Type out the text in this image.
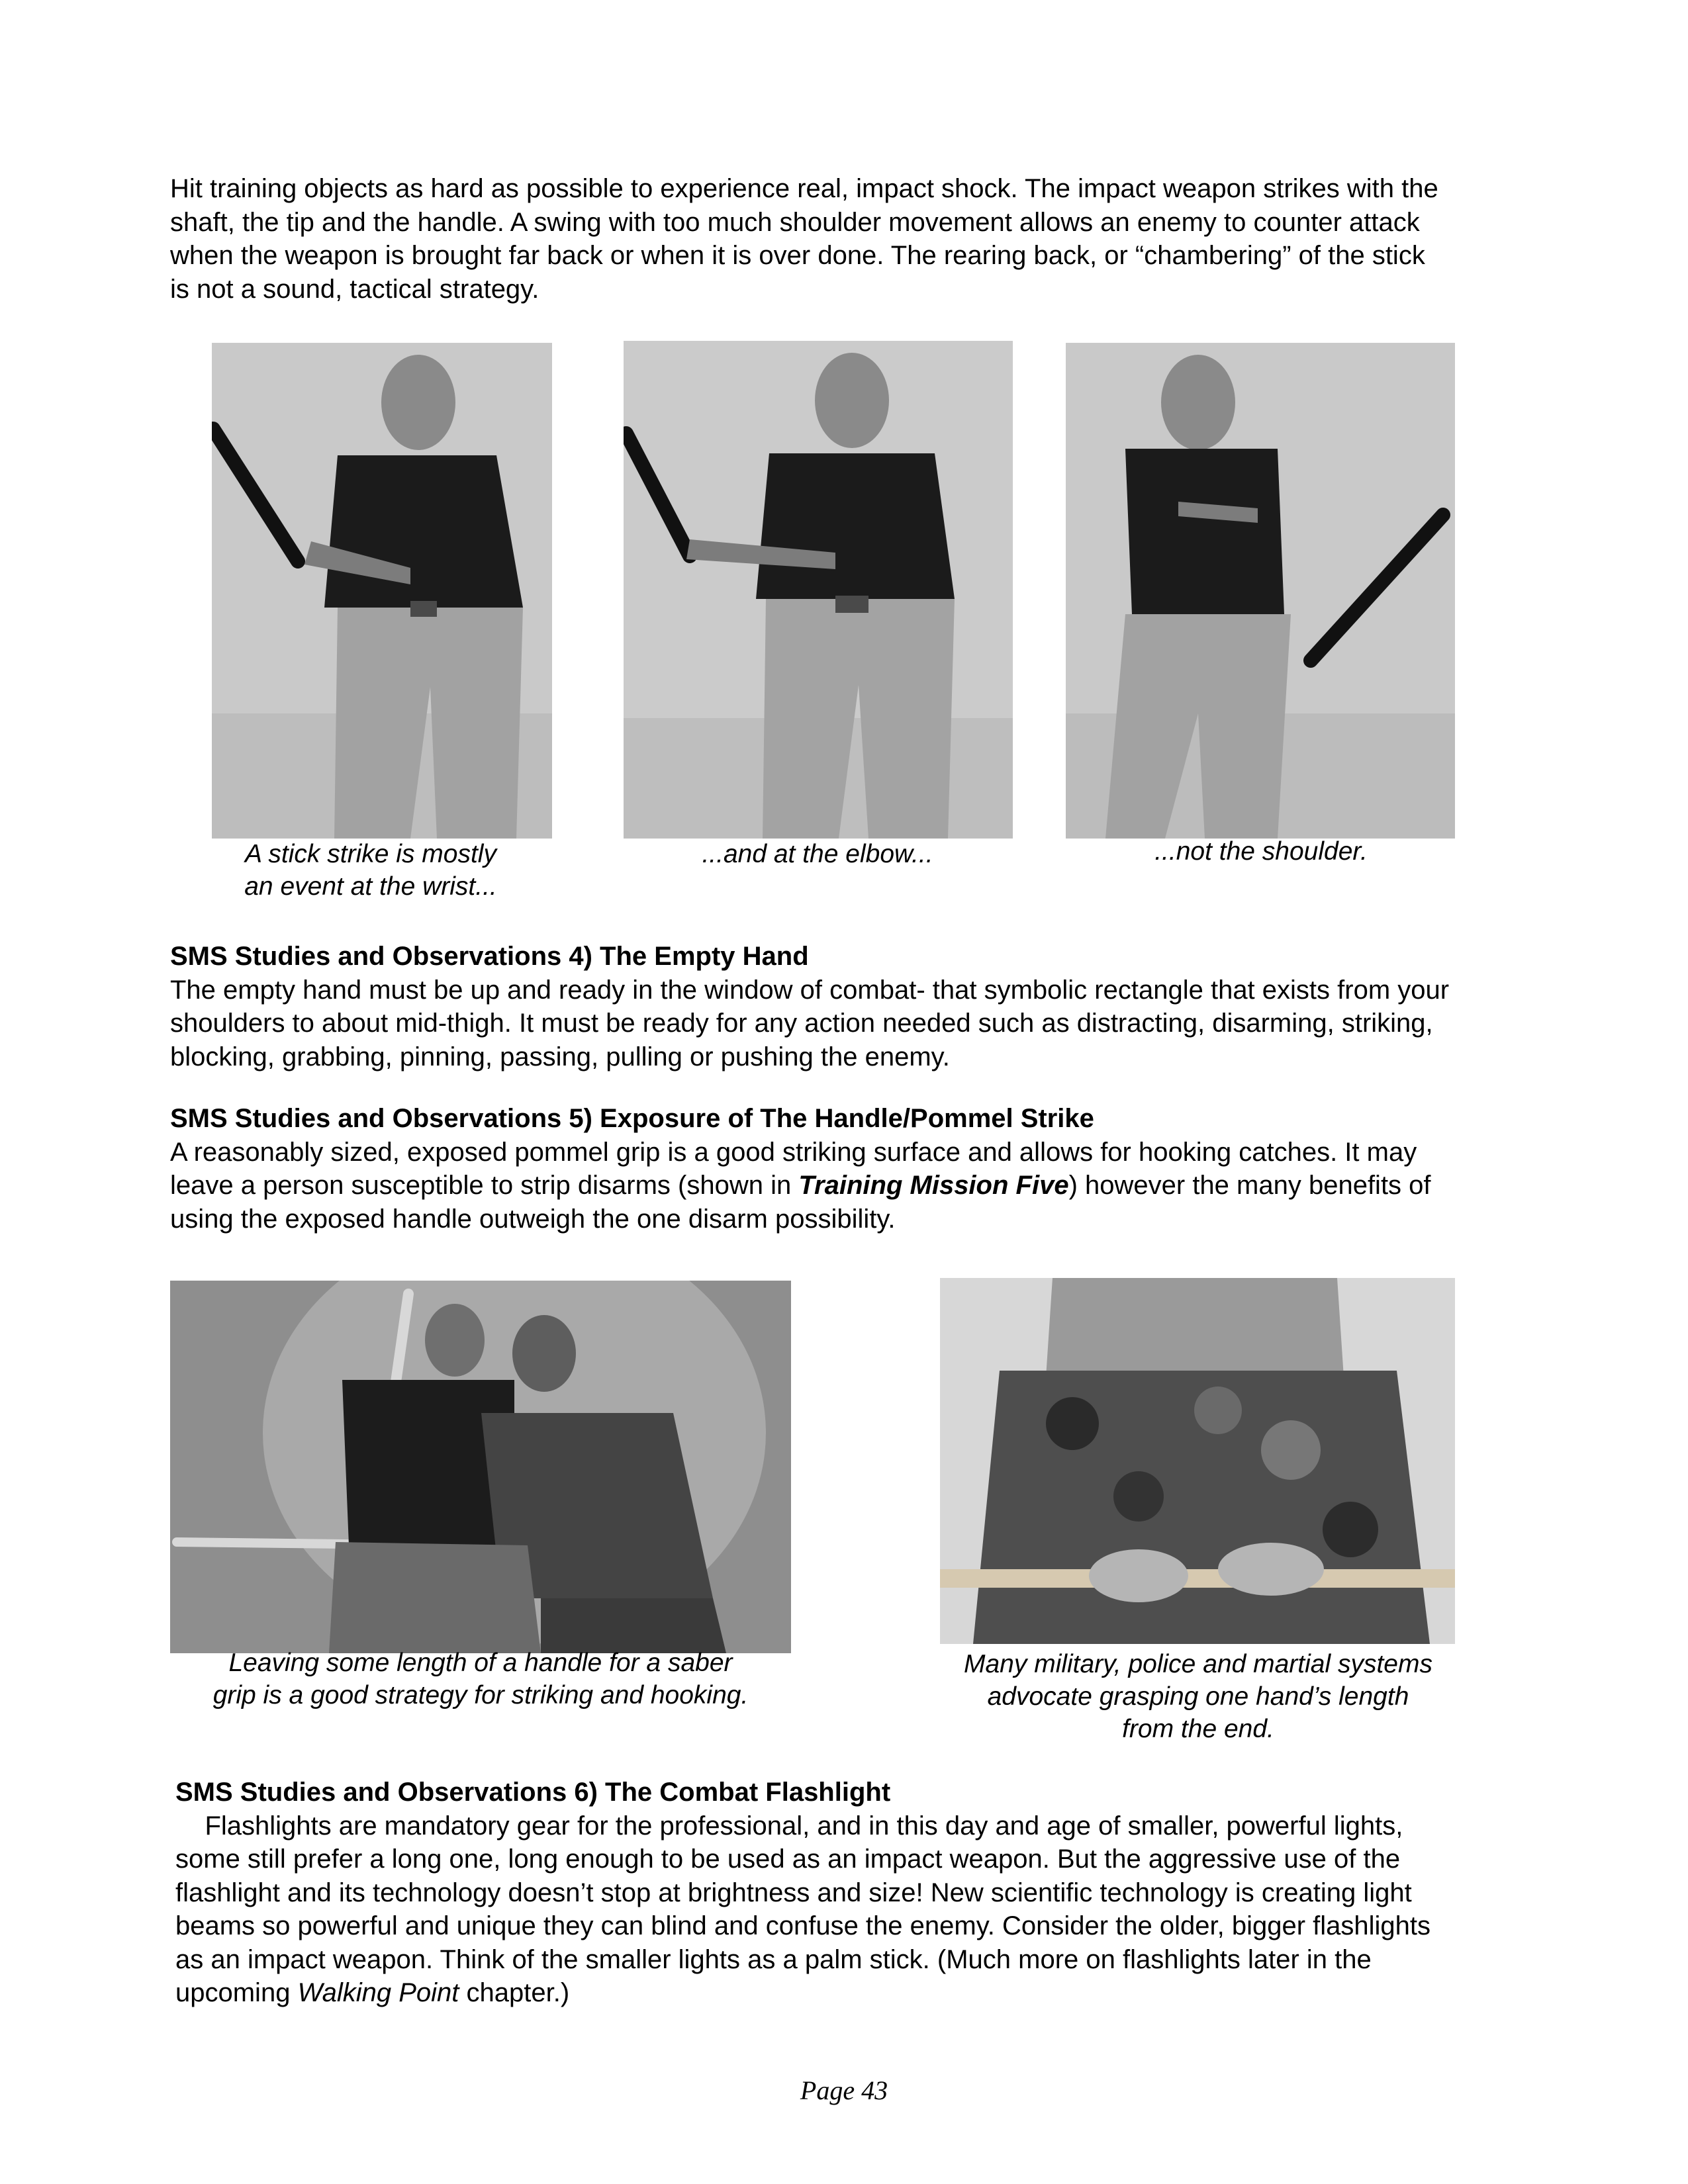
Hit training objects as hard as possible to experience real, impact shock. The impact weapon strikes with the

shaft, the tip and the handle. A swing with too much shoulder movement allows an enemy to counter attack

when the weapon is brought far back or when it is over done. The rearing back, or “chambering” of the stick

is not a sound, tactical strategy.

A stick strike is mostly
an event at the wrist...
...and at the elbow...	...not the shoulder.

SMS Studies and Observations 4) The Empty Hand

The empty hand must be up and ready in the window of combat- that symbolic rectangle that exists from your

shoulders to about mid-thigh. It must be ready for any action needed such as distracting, disarming, striking,

blocking, grabbing, pinning, passing, pulling or pushing the enemy.

SMS Studies and Observations 5) Exposure of The Handle/Pommel Strike

A reasonably sized, exposed pommel grip is a good striking surface and allows for hooking catches. It may

leave a person susceptible to strip disarms (shown in Training Mission Five) however the many benefits of

using the exposed handle outweigh the one disarm possibility.

Leaving some length of a handle for a saber
grip is a good strategy for striking and hooking.
Many military, police and martial systems
advocate grasping one hand’s length
from the end.

SMS Studies and Observations 6) The Combat Flashlight

Flashlights are mandatory gear for the professional, and in this day and age of smaller, powerful lights,

some still prefer a long one, long enough to be used as an impact weapon. But the aggressive use of the

flashlight and its technology doesn’t stop at brightness and size! New scientific technology is creating light

beams so powerful and unique they can blind and confuse the enemy. Consider the older, bigger flashlights

as an impact weapon. Think of the smaller lights as a palm stick. (Much more on flashlights later in the

upcoming Walking Point chapter.)

Page 43
